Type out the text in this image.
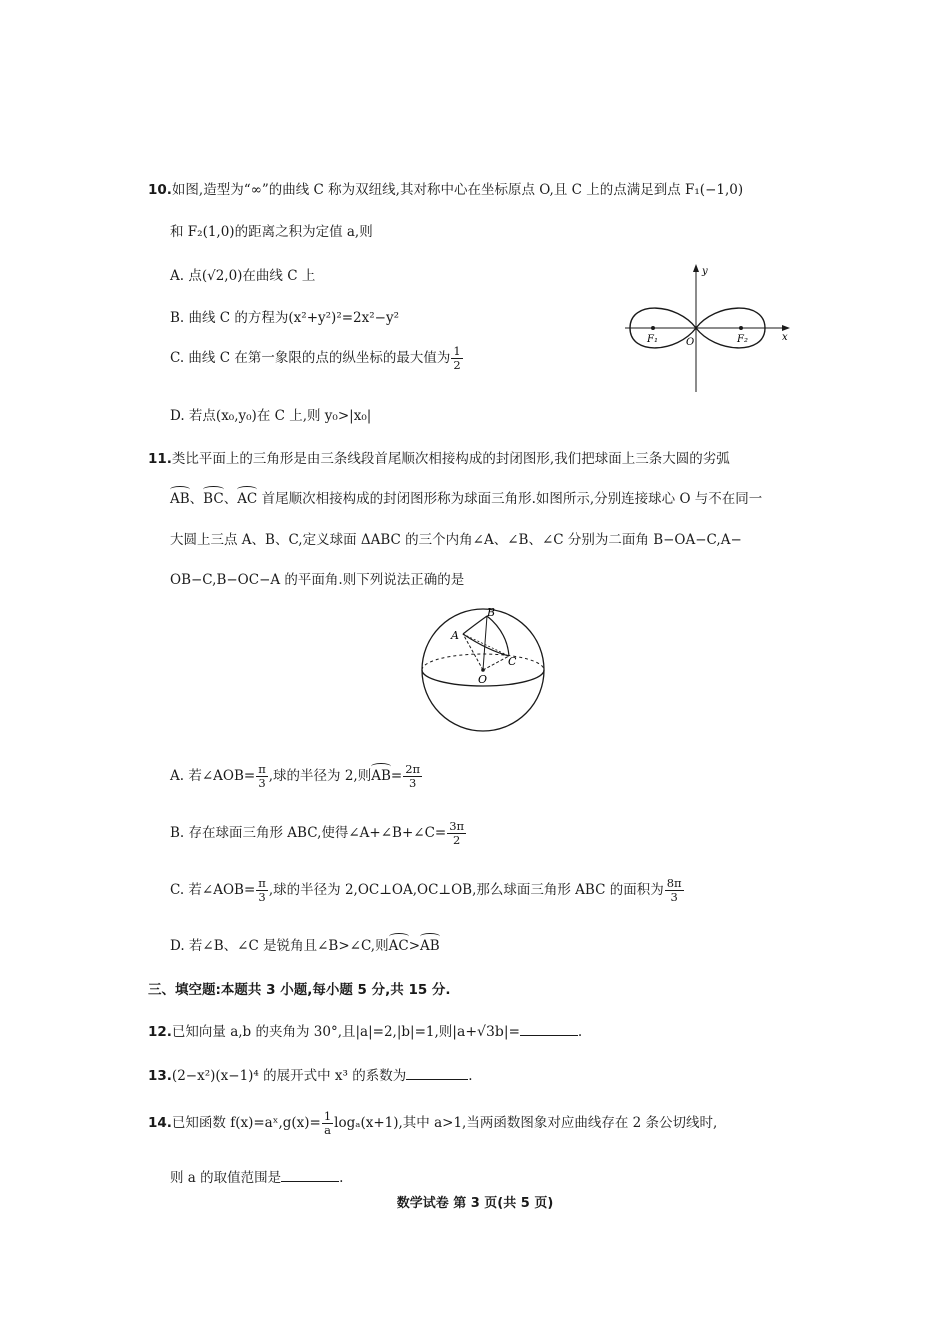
10.如图,造型为“∞”的曲线 C 称为双纽线,其对称中心在坐标原点 O,且 C 上的点满足到点 F₁(−1,0)
和 F₂(1,0)的距离之积为定值 a,则
A. 点(√2,0)在曲线 C 上
B. 曲线 C 的方程为(x²+y²)²=2x²−y²
C. 曲线 C 在第一象限的点的纵坐标的最大值为 $\frac{1}{2}$
D. 若点(x₀,y₀)在 C 上,则 y₀>|x₀|
y
x
O
F₁	F₂
11.类比平面上的三角形是由三条线段首尾顺次相接构成的封闭图形,我们把球面上三条大圆的劣弧
AB、BC、AC 首尾顺次相接构成的封闭图形称为球面三角形.如图所示,分别连接球心 O 与不在同一
大圆上三点 A、B、C,定义球面 ΔABC 的三个内角∠A、∠B、∠C 分别为二面角 B−OA−C,A−
OB−C,B−OC−A 的平面角.则下列说法正确的是
B
A
C
O
A. 若∠AOB= $\frac{\pi}{3}$ ,球的半径为 2,则$AB= \frac{2\pi}{3}$
B. 存在球面三角形 ABC,使得∠A+∠B+∠C= $\frac{3\pi}{2}$
C. 若∠AOB= $\frac{\pi}{3}$ ,球的半径为 2,OC⊥OA,OC⊥OB,那么球面三角形 ABC 的面积为 $\frac{8\pi}{3}$
D. 若∠B、∠C 是锐角且∠B>∠C,则AC>AB
三、填空题:本题共 3 小题,每小题 5 分,共 15 分.
12.已知向量 a,b 的夹角为 30°,且|a|=2,|b|=1,则|a+√3b|=	.
13.(2−x²)(x−1)⁴ 的展开式中 x³ 的系数为	.
14.已知函数 f(x)=aˣ,g(x)= $\frac{1}{a} \log_a(x+1)$,其中 a>1,当两函数图象对应曲线存在 2 条公切线时,
则 a 的取值范围是	.
数学试卷 第 3 页(共 5 页)
